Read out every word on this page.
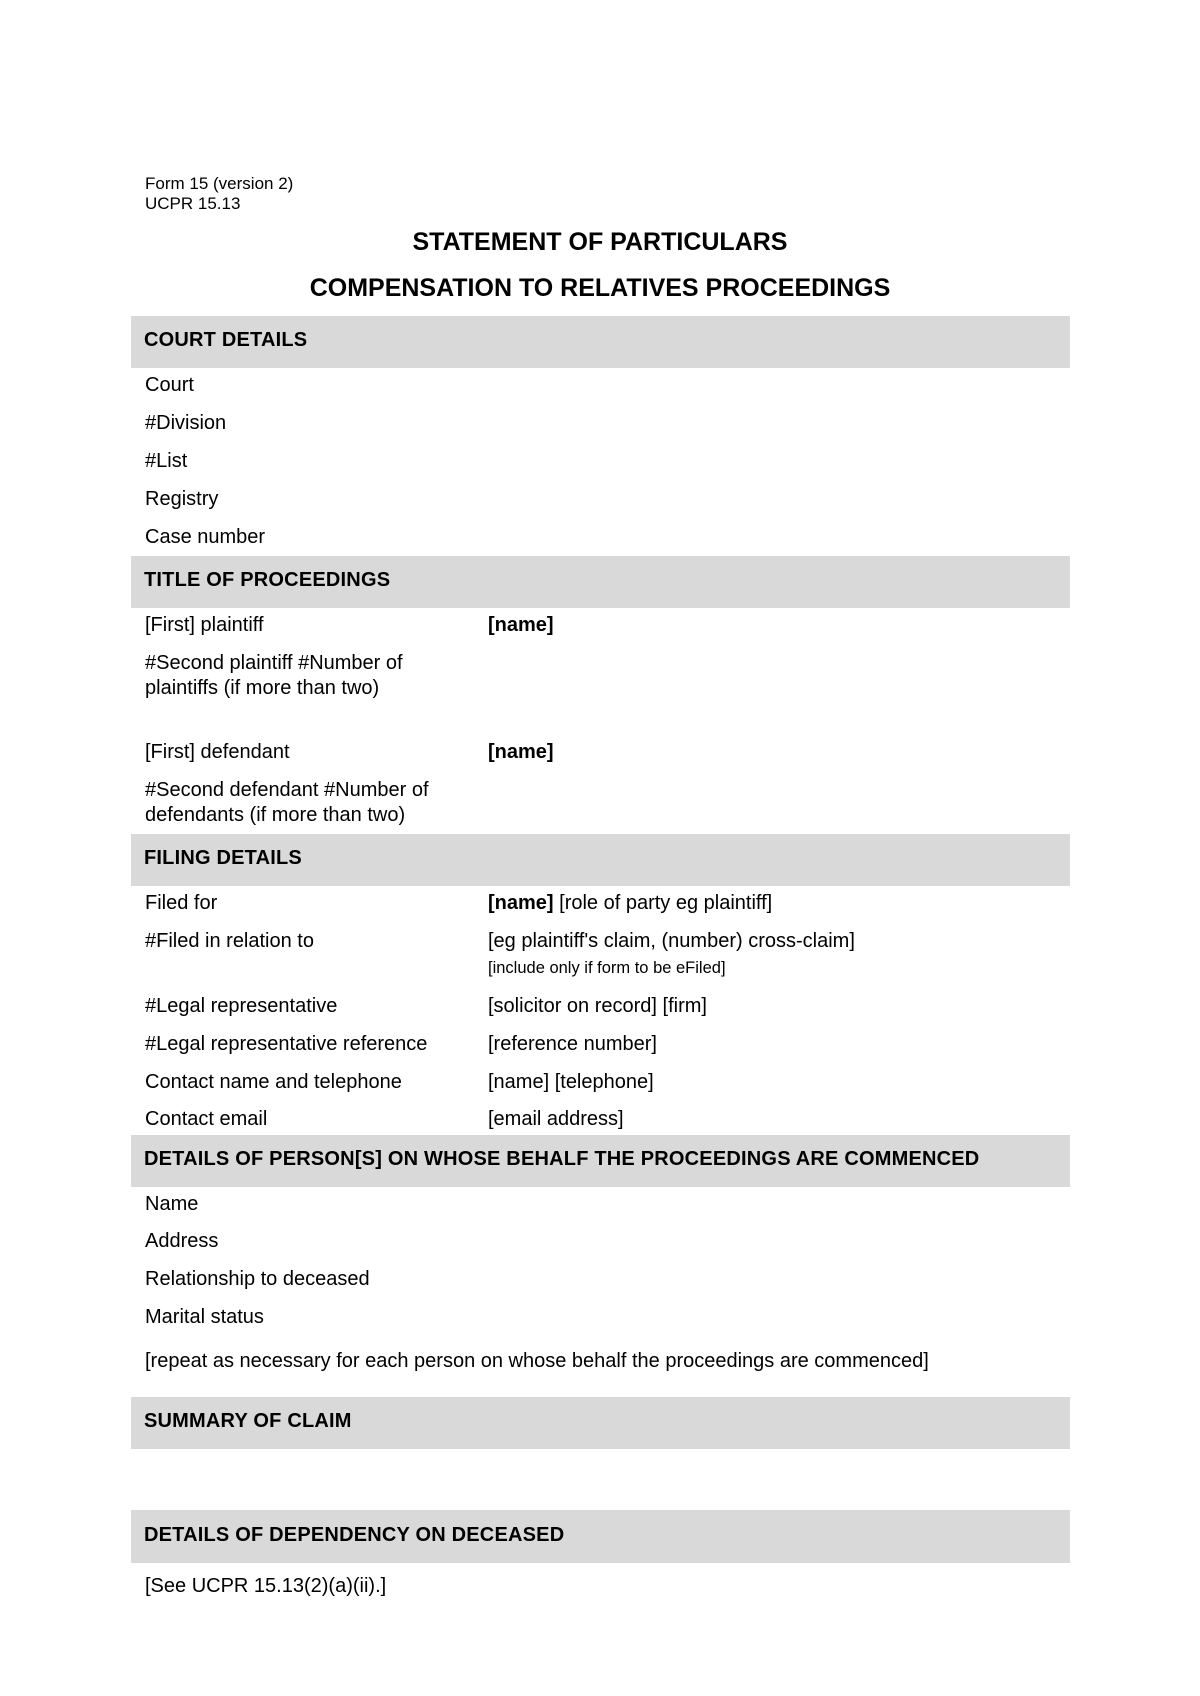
Form 15 (version 2)
UCPR 15.13
STATEMENT OF PARTICULARS
COMPENSATION TO RELATIVES PROCEEDINGS
COURT DETAILS
Court
#Division
#List
Registry
Case number
TITLE OF PROCEEDINGS
[First] plaintiff	[name]
#Second plaintiff #Number of
plaintiffs (if more than two)
[First] defendant	[name]
#Second defendant #Number of
defendants (if more than two)
FILING DETAILS
Filed for	[name] [role of party eg plaintiff]
#Filed in relation to	[eg plaintiff's claim, (number) cross-claim]
[include only if form to be eFiled]
#Legal representative	[solicitor on record] [firm]
#Legal representative reference	[reference number]
Contact name and telephone	[name] [telephone]
Contact email	[email address]
DETAILS OF PERSON[S] ON WHOSE BEHALF THE PROCEEDINGS ARE COMMENCED
Name
Address
Relationship to deceased
Marital status
[repeat as necessary for each person on whose behalf the proceedings are commenced]
SUMMARY OF CLAIM
DETAILS OF DEPENDENCY ON DECEASED
[See UCPR 15.13(2)(a)(ii).]
